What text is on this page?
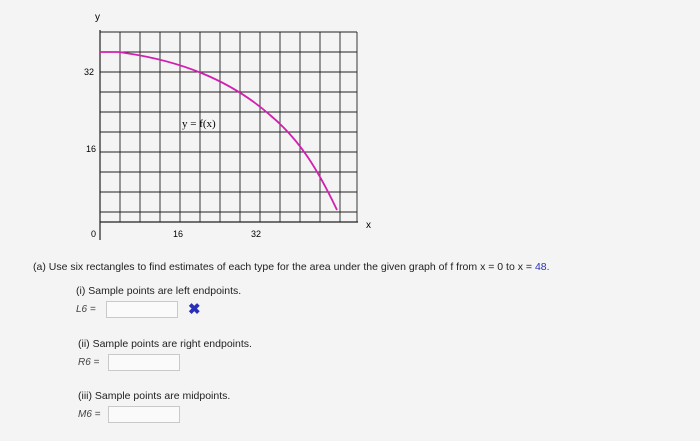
y
x
y = f(x)
32
16
0	16	32
(a) Use six rectangles to find estimates of each type for the area under the given graph of f from x = 0 to x = 48.
(i) Sample points are left endpoints.
L6 =	✖
(ii) Sample points are right endpoints.
R6 =
(iii) Sample points are midpoints.
M6 =
